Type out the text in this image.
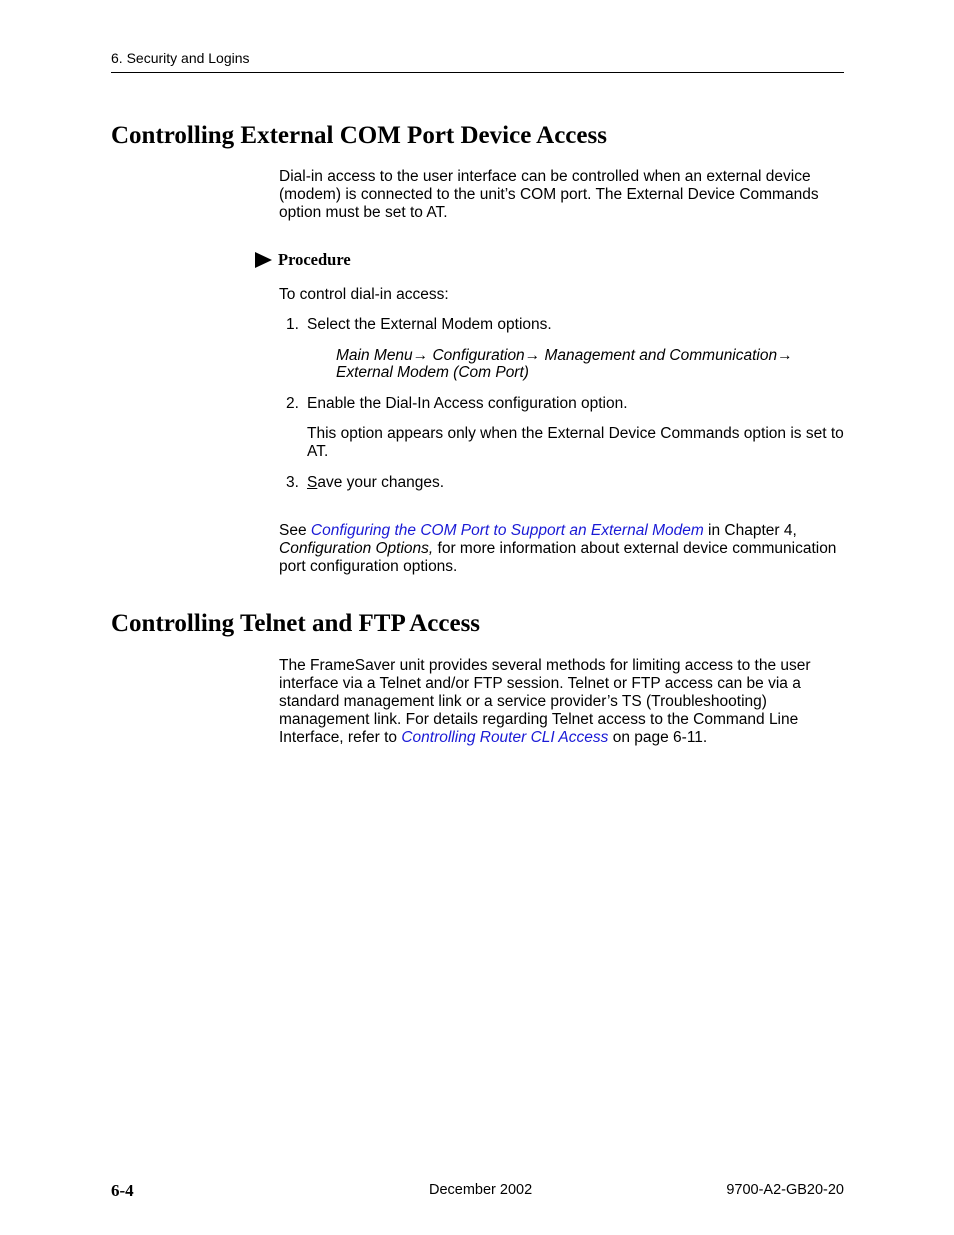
6. Security and Logins
Controlling External COM Port Device Access

Dial-in access to the user interface can be controlled when an external device (modem) is connected to the unit’s COM port. The External Device Commands option must be set to AT.

Procedure

To control dial-in access:

1. Select the External Modem options.
Main Menu→ Configuration→ Management and Communication→
External Modem (Com Port)
2. Enable the Dial-In Access configuration option.
This option appears only when the External Device Commands option is set to AT.
3. Save your changes.

See Configuring the COM Port to Support an External Modem in Chapter 4,
Configuration Options, for more information about external device communication port configuration options.

Controlling Telnet and FTP Access

The FrameSaver unit provides several methods for limiting access to the user interface via a Telnet and/or FTP session. Telnet or FTP access can be via a standard management link or a service provider’s TS (Troubleshooting) management link. For details regarding Telnet access to the Command Line Interface, refer to Controlling Router CLI Access on page 6-11.

6-4	December 2002	9700-A2-GB20-20
